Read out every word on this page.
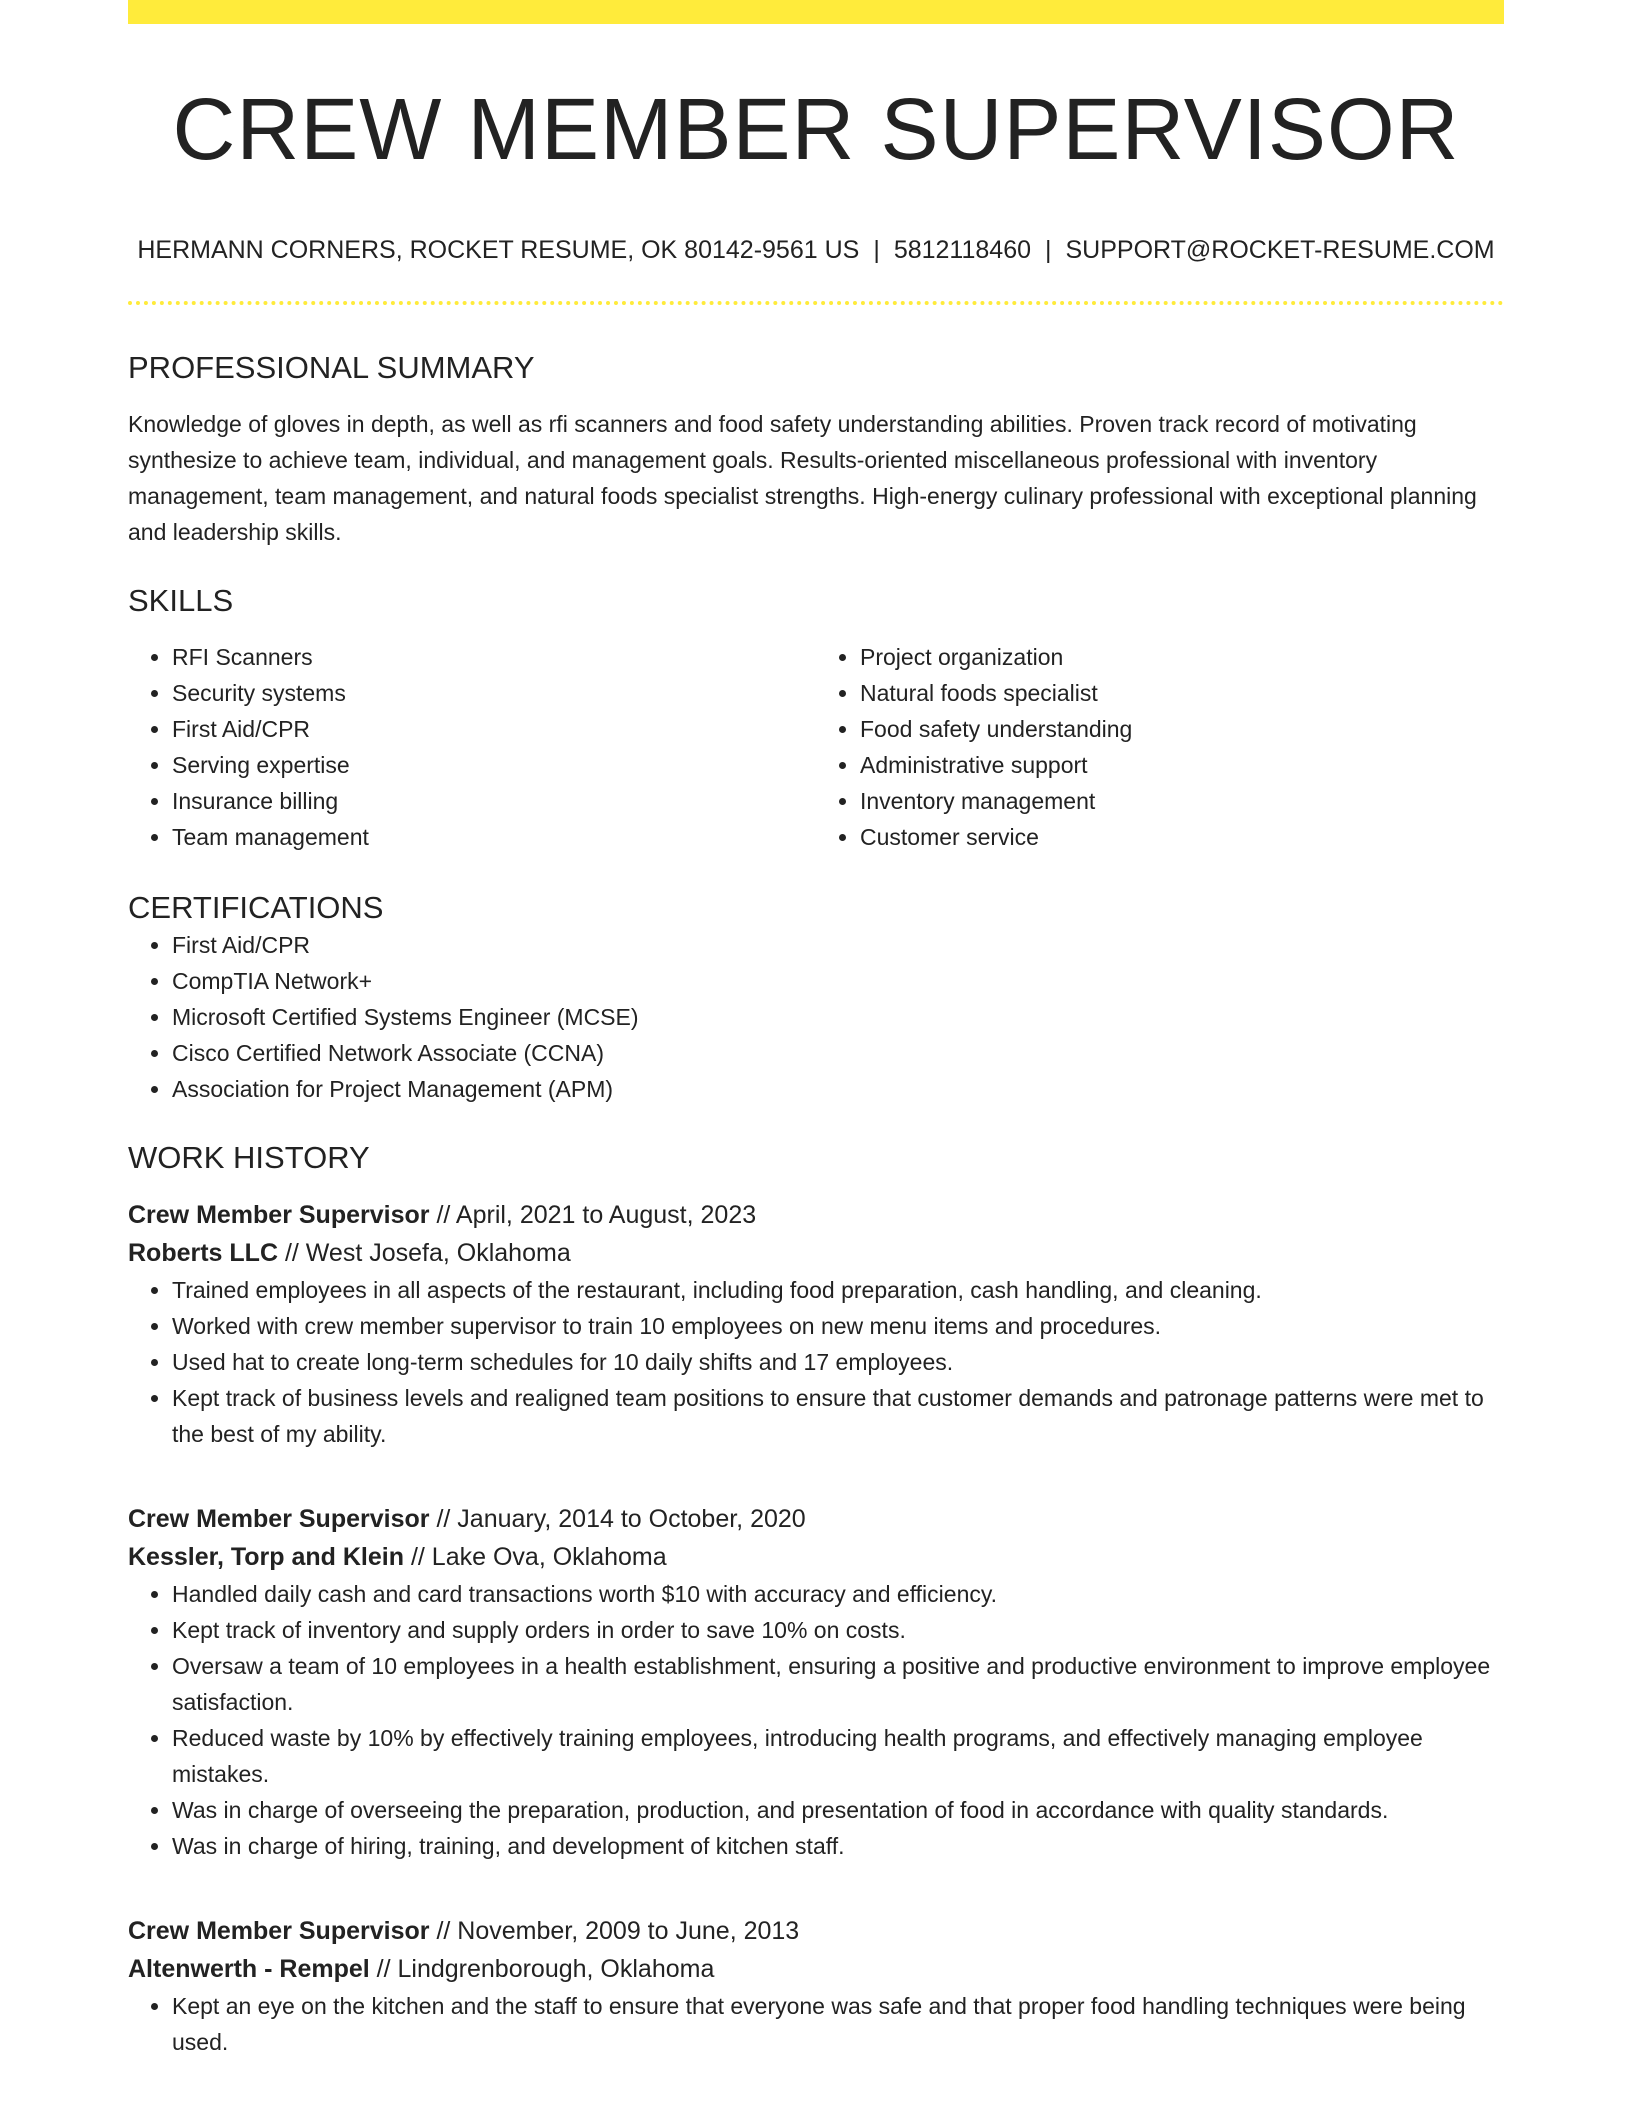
CREW MEMBER SUPERVISOR
HERMANN CORNERS, ROCKET RESUME, OK 80142-9561 US | 5812118460 | SUPPORT@ROCKET-RESUME.COM
PROFESSIONAL SUMMARY

Knowledge of gloves in depth, as well as rfi scanners and food safety understanding abilities. Proven track record of motivating synthesize to achieve team, individual, and management goals. Results-oriented miscellaneous professional with inventory management, team management, and natural foods specialist strengths. High-energy culinary professional with exceptional planning and leadership skills.

SKILLS
• RFI Scanners
• Security systems
• First Aid/CPR
• Serving expertise
• Insurance billing
• Team management
• Project organization
• Natural foods specialist
• Food safety understanding
• Administrative support
• Inventory management
• Customer service
CERTIFICATIONS
• First Aid/CPR
• CompTIA Network+
• Microsoft Certified Systems Engineer (MCSE)
• Cisco Certified Network Associate (CCNA)
• Association for Project Management (APM)
WORK HISTORY
Crew Member Supervisor // April, 2021 to August, 2023
Roberts LLC // West Josefa, Oklahoma
• Trained employees in all aspects of the restaurant, including food preparation, cash handling, and cleaning.
• Worked with crew member supervisor to train 10 employees on new menu items and procedures.
• Used hat to create long-term schedules for 10 daily shifts and 17 employees.
• Kept track of business levels and realigned team positions to ensure that customer demands and patronage patterns were met to the best of my ability.
Crew Member Supervisor // January, 2014 to October, 2020
Kessler, Torp and Klein // Lake Ova, Oklahoma
• Handled daily cash and card transactions worth $10 with accuracy and efficiency.
• Kept track of inventory and supply orders in order to save 10% on costs.
• Oversaw a team of 10 employees in a health establishment, ensuring a positive and productive environment to improve employee satisfaction.
• Reduced waste by 10% by effectively training employees, introducing health programs, and effectively managing employee mistakes.
• Was in charge of overseeing the preparation, production, and presentation of food in accordance with quality standards.
• Was in charge of hiring, training, and development of kitchen staff.
Crew Member Supervisor // November, 2009 to June, 2013
Altenwerth - Rempel // Lindgrenborough, Oklahoma
• Kept an eye on the kitchen and the staff to ensure that everyone was safe and that proper food handling techniques were being used.
